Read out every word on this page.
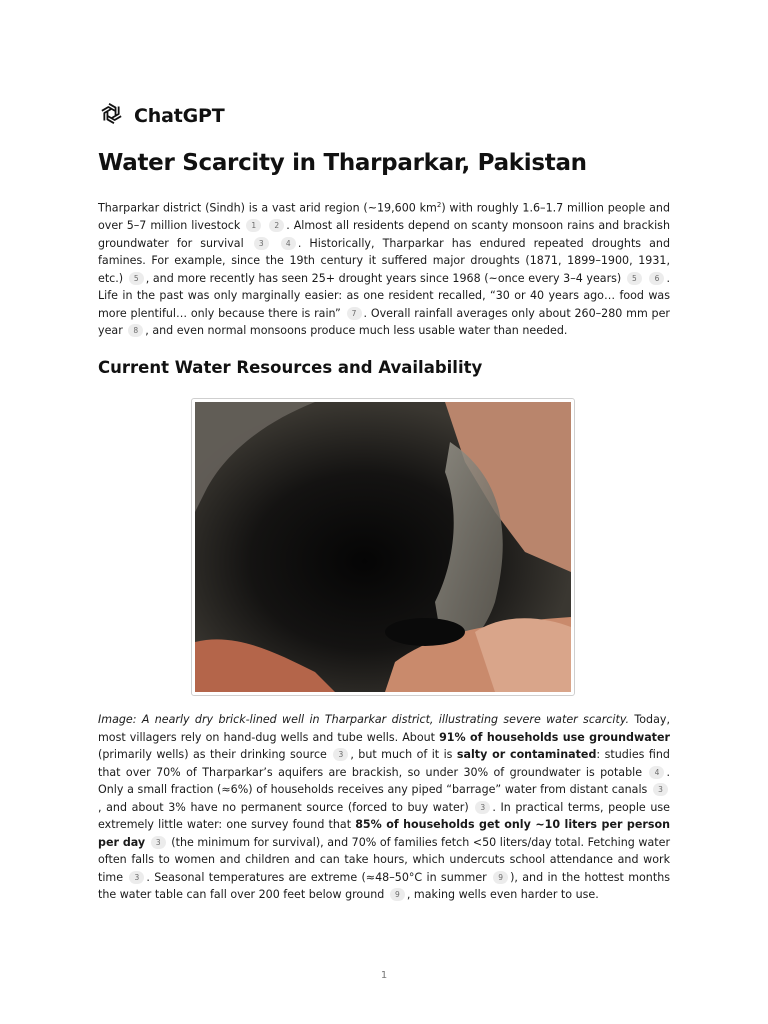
ChatGPT
Water Scarcity in Tharparkar, Pakistan

Tharparkar district (Sindh) is a vast arid region (~19,600 $km^2$) with roughly 1.6–1.7 million people and over 5–7 million livestock 1 2 . Almost all residents depend on scanty monsoon rains and brackish groundwater for survival 3	4 . Historically, Tharparkar has endured repeated droughts and famines. For example, since the 19th century it suffered major droughts (1871, 1899–1900, 1931, etc.) 5 , and more recently has seen 25+ drought years since 1968 (~once every 3–4 years) 5 6 . Life in the past was only marginally easier: as one resident recalled, “30 or 40 years ago… food was more plentiful… only because there is rain” 7 . Overall rainfall averages only about 260–280 mm per year 8 , and even normal monsoons produce much less usable water than needed.

Current Water Resources and Availability

Image: A nearly dry brick-lined well in Tharparkar district, illustrating severe water scarcity. Today, most villagers rely on hand-dug wells and tube wells. About 91% of households use groundwater (primarily wells) as their drinking source 3 , but much of it is salty or contaminated: studies find that over 70% of Tharparkar’s aquifers are brackish, so under 30% of groundwater is potable 4 . Only a small fraction (≈6%) of households receives any piped “barrage” water from distant canals 3, and about 3% have no permanent source (forced to buy water) 3 . In practical terms, people use extremely little water: one survey found that 85% of households get only ~10 liters per person per day 3 (the minimum for survival), and 70% of families fetch <50 liters/day total. Fetching water often falls to women and children and can take hours, which undercuts school attendance and work time 3 . Seasonal temperatures are extreme (≈48–50°C in summer 9 ), and in the hottest months the water table can fall over 200 feet below ground 9 , making wells even harder to use.

1
